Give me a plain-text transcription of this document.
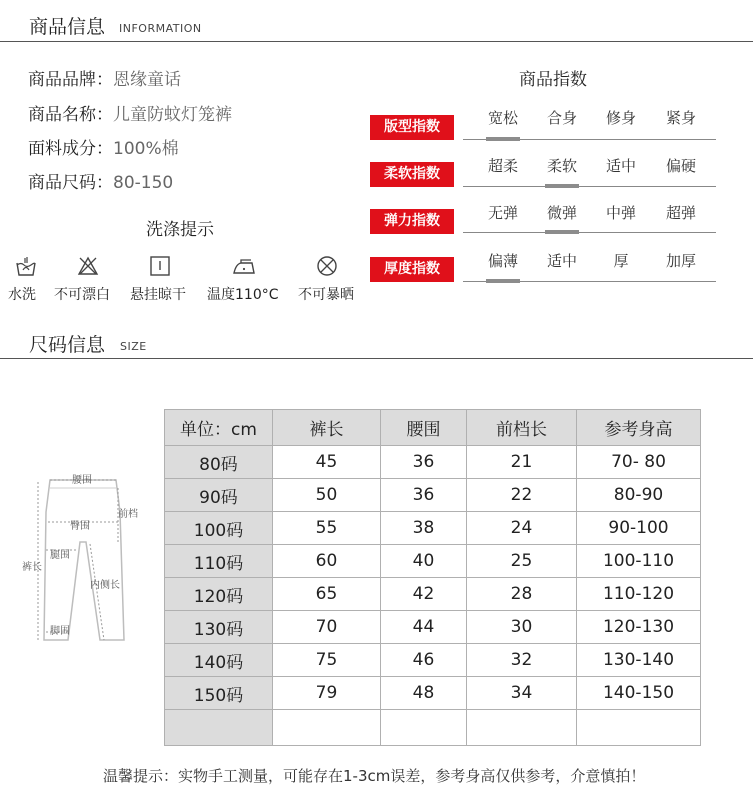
商品信息 INFORMATION
商品品牌：恩缘童话
商品名称：儿童防蚊灯笼裤
面料成分：100%棉
商品尺码：80-150
洗涤提示
水洗 不可漂白 悬挂晾干 温度110°C 不可暴晒
商品指数
版型指数	宽松	合身	修身	紧身
柔软指数	超柔	柔软	适中	偏硬
弹力指数	无弹	微弹	中弹	超弹
厚度指数	偏薄	适中	厚	加厚
尺码信息 SIZE
腰围
前档
臀围
腿围
裤长
内侧长
脚围
单位：cm	裤长	腰围	前档长	参考身高
80码	45	36	21	70- 80
90码	50	36	22	80-90
100码	55	38	24	90-100
110码	60	40	25	100-110
120码	65	42	28	110-120
130码	70	44	30	120-130
140码	75	46	32	130-140
150码	79	48	34	140-150

温馨提示：实物手工测量，可能存在1-3cm误差，参考身高仅供参考，介意慎拍！
